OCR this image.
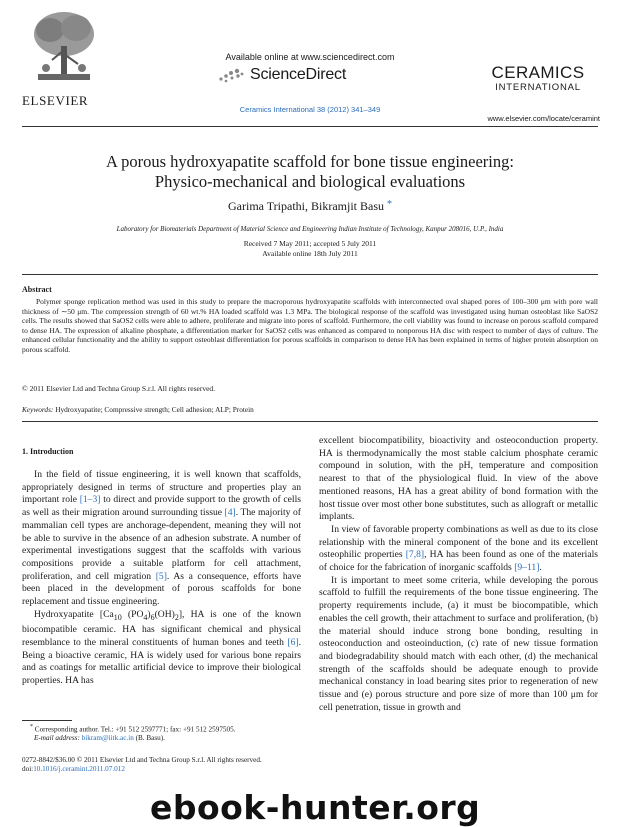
ELSEVIER
Available online at www.sciencedirect.com
ScienceDirect
Ceramics International 38 (2012) 341–349
CERAMICS
INTERNATIONAL
www.elsevier.com/locate/ceramint
A porous hydroxyapatite scaffold for bone tissue engineering:
Physico-mechanical and biological evaluations
Garima Tripathi, Bikramjit Basu *
Laboratory for Biomaterials Department of Material Science and Engineering Indian Institute of Technology, Kanpur 208016, U.P., India
Received 7 May 2011; accepted 5 July 2011
Available online 18th July 2011
Abstract

Polymer sponge replication method was used in this study to prepare the macroporous hydroxyapatite scaffolds with interconnected oval shaped pores of 100–300 μm with pore wall thickness of ∼50 μm. The compression strength of 60 wt.% HA loaded scaffold was 1.3 MPa. The biological response of the scaffold was investigated using human osteoblast like SaOS2 cells. The results showed that SaOS2 cells were able to adhere, proliferate and migrate into pores of scaffold. Furthermore, the cell viability was found to increase on porous scaffold compared to dense HA. The expression of alkaline phosphate, a differentiation marker for SaOS2 cells was enhanced as compared to nonporous HA disc with respect to number of days of culture. The enhanced cellular functionality and the ability to support osteoblast differentiation for porous scaffolds in comparison to dense HA has been explained in terms of higher protein absorption on porous scaffold.

© 2011 Elsevier Ltd and Techna Group S.r.l. All rights reserved.
Keywords: Hydroxyapatite; Compressive strength; Cell adhesion; ALP; Protein
1. Introduction

In the field of tissue engineering, it is well known that scaffolds, appropriately designed in terms of structure and properties play an important role [1–3] to direct and provide support to the growth of cells as well as their migration around surrounding tissue [4]. The majority of mammalian cell types are anchorage-dependent, meaning they will not be able to survive in the absence of an adhesion substrate. A number of experimental investigations suggest that the scaffolds with various compositions provide a suitable platform for cell attachment, proliferation, and cell migration [5]. As a consequence, efforts have been placed in the development of porous scaffolds for bone replacement and tissue engineering.

Hydroxyapatite [$Ca_{10}$ $(PO_4)_6(OH)_2$], HA is one of the known biocompatible ceramic. HA has significant chemical and physical resemblance to the mineral constituents of human bones and teeth [6]. Being a bioactive ceramic, HA is widely used for various bone repairs and as coatings for metallic artificial device to improve their biological properties. HA has

excellent biocompatibility, bioactivity and osteoconduction property. HA is thermodynamically the most stable calcium phosphate ceramic compound in solution, with the pH, temperature and composition nearest to that of the physiological fluid. In view of the above mentioned reasons, HA has a great ability of bond formation with the host tissue over most other bone substitutes, such as allograft or metallic implants.

In view of favorable property combinations as well as due to its close relationship with the mineral component of the bone and its excellent osteophilic properties [7,8], HA has been found as one of the materials of choice for the fabrication of inorganic scaffolds [9–11].

It is important to meet some criteria, while developing the porous scaffold to fulfill the requirements of the bone tissue engineering. The property requirements include, (a) it must be biocompatible, which enables the cell growth, their attachment to surface and proliferation, (b) the material should induce strong bone bonding, resulting in osteoconduction and osteoinduction, (c) rate of new tissue formation and biodegradability should match with each other, (d) the mechanical strength of the scaffolds should be adequate enough to provide mechanical constancy in load bearing sites prior to regeneration of new tissue and (e) porous structure and pore size of more than 100 μm for cell penetration, tissue in growth and

* Corresponding author. Tel.: +91 512 2597771; fax: +91 512 2597505.
E-mail address: bikram@iitk.ac.in (B. Basu).
0272-8842/$36.00 © 2011 Elsevier Ltd and Techna Group S.r.l. All rights reserved.
doi:10.1016/j.ceramint.2011.07.012
ebook-hunter.org
